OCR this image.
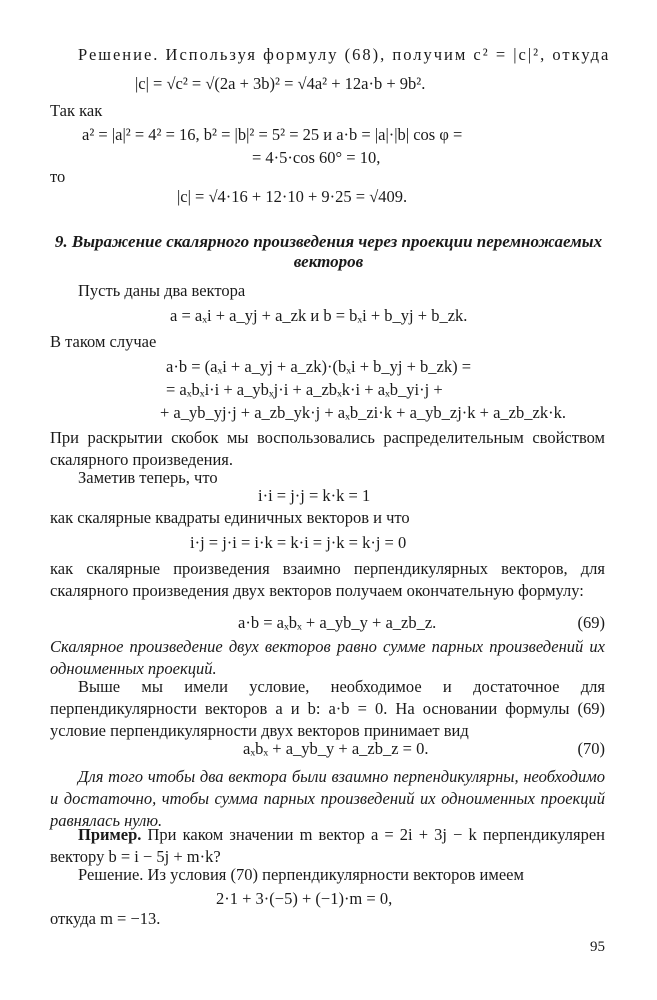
Решение. Используя формулу (68), получим c² = |c|², откуда
|c| = √c² = √(2a + 3b)² = √4a² + 12a·b + 9b².
Так как
a² = |a|² = 4² = 16, b² = |b|² = 5² = 25 и a·b = |a|·|b| cos φ =
= 4·5·cos 60° = 10,
то
|c| = √4·16 + 12·10 + 9·25 = √409.
9. Выражение скалярного произведения через проекции перемножаемых векторов
Пусть даны два вектора
a = aₓi + a_yj + a_zk и b = bₓi + b_yj + b_zk.
В таком случае
a·b = (aₓi + a_yj + a_zk)·(bₓi + b_yj + b_zk) =
= aₓbₓi·i + a_ybₓj·i + a_zbₓk·i + aₓb_yi·j +
+ a_yb_yj·j + a_zb_yk·j + aₓb_zi·k + a_yb_zj·k + a_zb_zk·k.
При раскрытии скобок мы воспользовались распределительным свойством скалярного произведения.
Заметив теперь, что
i·i = j·j = k·k = 1
как скалярные квадраты единичных векторов и что
i·j = j·i = i·k = k·i = j·k = k·j = 0
как скалярные произведения взаимно перпендикулярных векторов, для скалярного произведения двух векторов получаем окончательную формулу:
a·b = aₓbₓ + a_yb_y + a_zb_z.	(69)
Скалярное произведение двух векторов равно сумме парных произведений их одноименных проекций.
Выше мы имели условие, необходимое и достаточное для перпендикулярности векторов a и b: a·b = 0. На основании формулы (69) условие перпендикулярности двух векторов принимает вид
aₓbₓ + a_yb_y + a_zb_z = 0.	(70)
Для того чтобы два вектора были взаимно перпендикулярны, необходимо и достаточно, чтобы сумма парных произведений их одноименных проекций равнялась нулю.
Пример. При каком значении m вектор a = 2i + 3j − k перпендикулярен вектору b = i − 5j + m·k?
Решение. Из условия (70) перпендикулярности векторов имеем
2·1 + 3·(−5) + (−1)·m = 0,
откуда m = −13.
95
